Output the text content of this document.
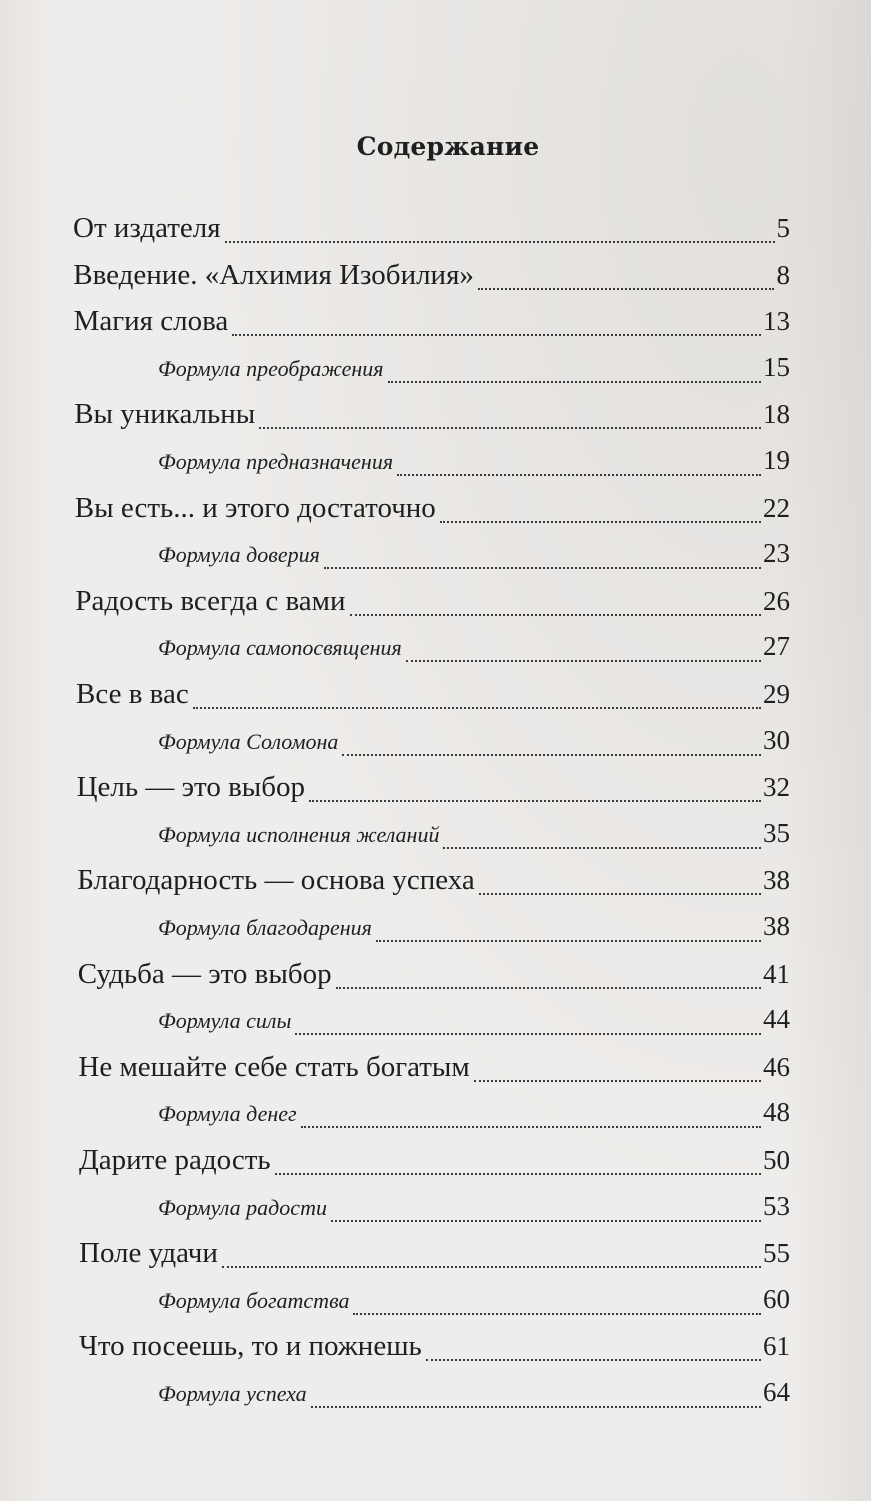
Содержание
От издателя	5
Введение. «Алхимия Изобилия»	8
Магия слова	13
Формула преображения	15
Вы уникальны	18
Формула предназначения	19
Вы есть... и этого достаточно	22
Формула доверия	23
Радость всегда с вами	26
Формула самопосвящения	27
Все в вас	29
Формула Соломона	30
Цель — это выбор	32
Формула исполнения желаний	35
Благодарность — основа успеха	38
Формула благодарения	38
Судьба — это выбор	41
Формула силы	44
Не мешайте себе стать богатым	46
Формула денег	48
Дарите радость	50
Формула радости	53
Поле удачи	55
Формула богатства	60
Что посеешь, то и пожнешь	61
Формула успеха	64
